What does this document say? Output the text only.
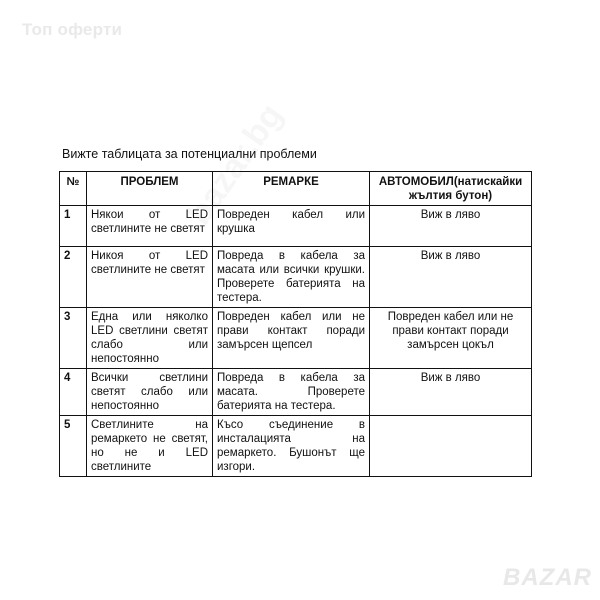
Топ оферти
Вижте таблицата за потенциални проблеми
№	ПРОБЛЕМ	РЕМАРКЕ	АВТОМОБИЛ(натискайки жълтия бутон)
1	Някои от LED светлините не светят	Повреден кабел или крушка	Виж в ляво
2	Никоя от LED светлините не светят	Повреда в кабела за масата или всички крушки. Проверете батерията на тестера.	Виж в ляво
3	Една или няколко LED светлини светят слабо или непостоянно	Повреден кабел или не прави контакт поради замърсен щепсел	Повреден кабел или не прави контакт поради замърсен цокъл
4	Всички светлини светят слабо или непостоянно	Повреда в кабела за масата. Проверете батерията на тестера.	Виж в ляво
5	Светлините на ремаркето не светят, но не и LED светлините	Късо съединение в инсталацията на ремаркето. Бушонът ще изгори.	
BAZAR
